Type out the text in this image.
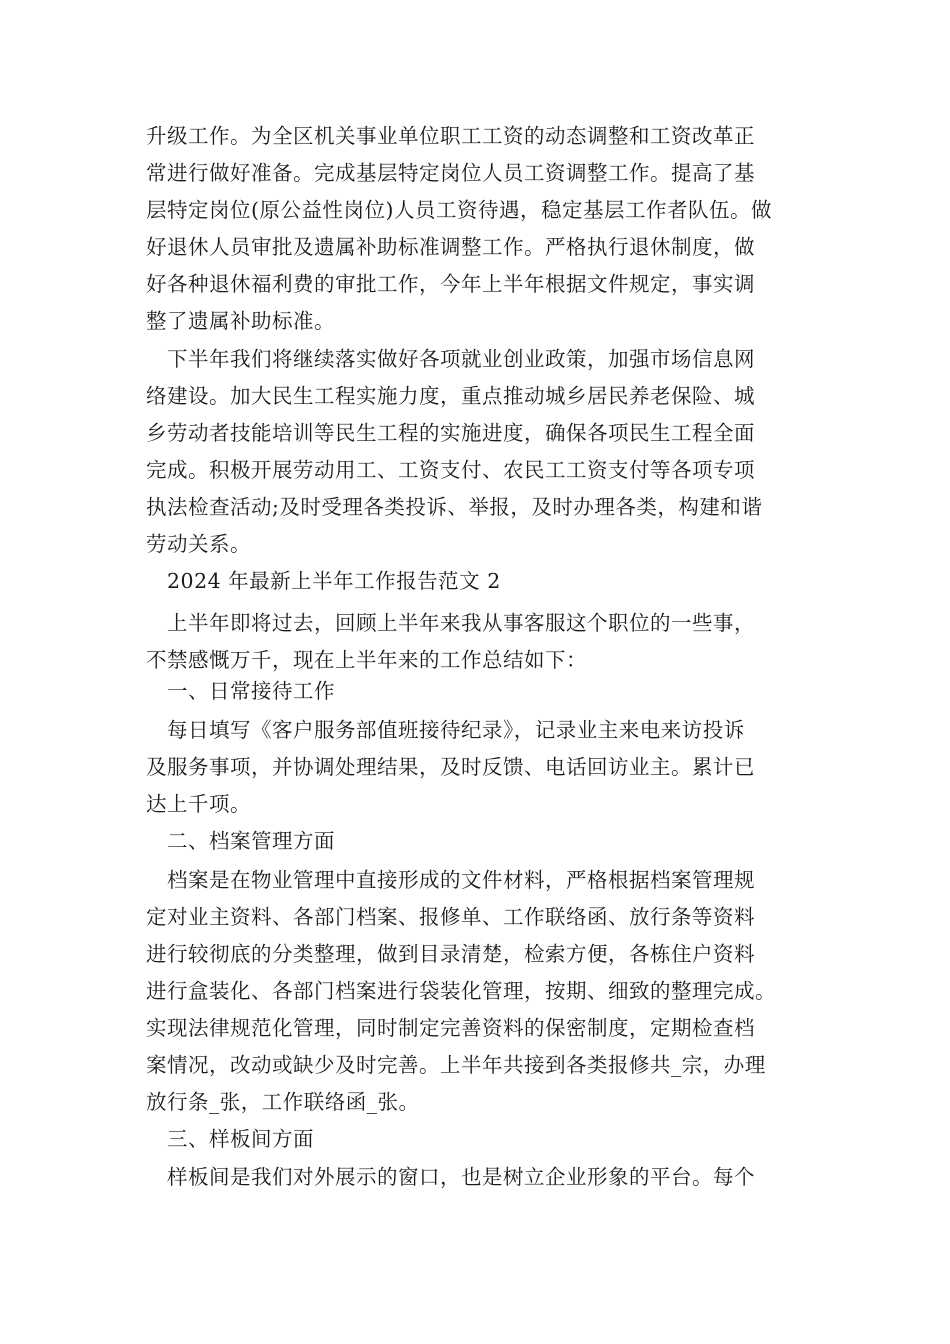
升级工作。为全区机关事业单位职工工资的动态调整和工资改革正
常进行做好准备。完成基层特定岗位人员工资调整工作。提高了基
层特定岗位(原公益性岗位)人员工资待遇，稳定基层工作者队伍。做
好退休人员审批及遗属补助标准调整工作。严格执行退休制度，做
好各种退休福利费的审批工作，今年上半年根据文件规定，事实调
整了遗属补助标准。
　下半年我们将继续落实做好各项就业创业政策，加强市场信息网
络建设。加大民生工程实施力度，重点推动城乡居民养老保险、城
乡劳动者技能培训等民生工程的实施进度，确保各项民生工程全面
完成。积极开展劳动用工、工资支付、农民工工资支付等各项专项
执法检查活动;及时受理各类投诉、举报，及时办理各类，构建和谐
劳动关系。
　2024 年最新上半年工作报告范文 2
　上半年即将过去，回顾上半年来我从事客服这个职位的一些事，
不禁感慨万千，现在上半年来的工作总结如下：
　一、日常接待工作
　每日填写《客户服务部值班接待纪录》，记录业主来电来访投诉
及服务事项，并协调处理结果，及时反馈、电话回访业主。累计已
达上千项。
　二、档案管理方面
　档案是在物业管理中直接形成的文件材料，严格根据档案管理规
定对业主资料、各部门档案、报修单、工作联络函、放行条等资料
进行较彻底的分类整理，做到目录清楚，检索方便，各栋住户资料
进行盒装化、各部门档案进行袋装化管理，按期、细致的整理完成。
实现法律规范化管理，同时制定完善资料的保密制度，定期检查档
案情况，改动或缺少及时完善。上半年共接到各类报修共_宗，办理
放行条_张，工作联络函_张。
　三、样板间方面
　样板间是我们对外展示的窗口，也是树立企业形象的平台。每个
